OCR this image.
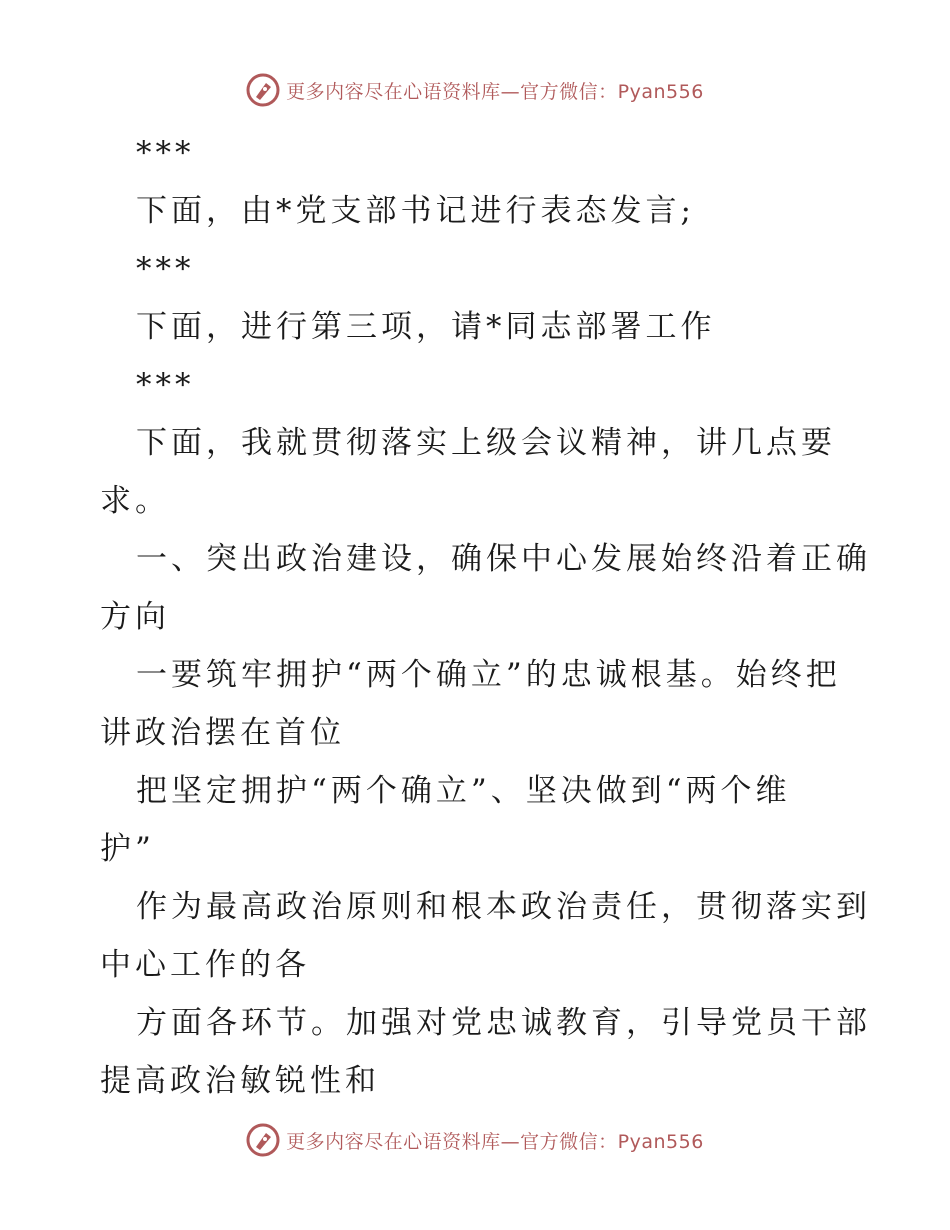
更多内容尽在心语资料库—官方微信：Pyan556
***
下面，由*党支部书记进行表态发言;
***
下面，进行第三项，请*同志部署工作
***
下面，我就贯彻落实上级会议精神，讲几点要
求。
一、突出政治建设，确保中心发展始终沿着正确
方向
一要筑牢拥护“两个确立”的忠诚根基。始终把
讲政治摆在首位
把坚定拥护“两个确立”、坚决做到“两个维
护”
作为最高政治原则和根本政治责任，贯彻落实到
中心工作的各
方面各环节。加强对党忠诚教育，引导党员干部
提高政治敏锐性和
更多内容尽在心语资料库—官方微信：Pyan556
